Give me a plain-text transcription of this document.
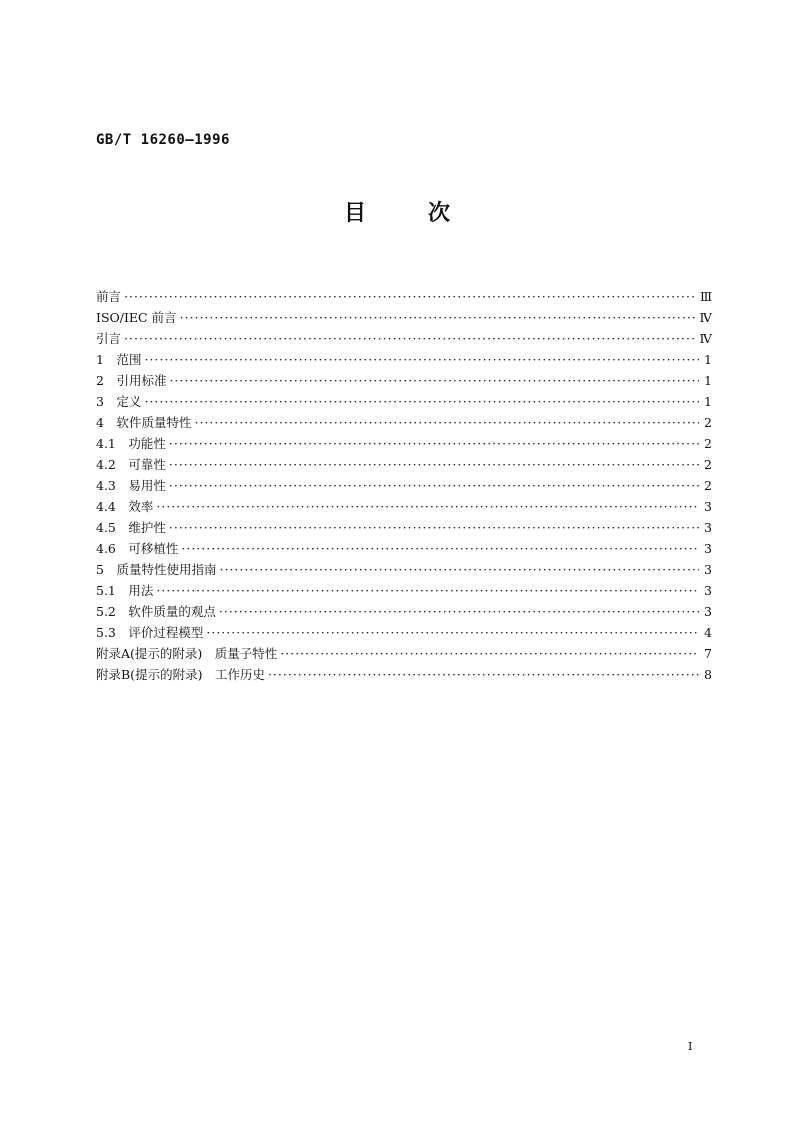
GB/T 16260—1996
目次
前言 ·····	Ⅲ
ISO/IEC 前言 ·····	Ⅳ
引言 ·····	Ⅳ
1　范围 ·····	1
2　引用标准 ·····	1
3　定义 ·····	1
4　软件质量特性 ·····	2
4.1　功能性 ·····	2
4.2　可靠性 ·····	2
4.3　易用性 ·····	2
4.4　效率 ·····	3
4.5　维护性 ·····	3
4.6　可移植性 ·····	3
5　质量特性使用指南 ·····	3
5.1　用法 ·····	3
5.2　软件质量的观点 ·····	3
5.3　评价过程模型 ·····	4
附录A(提示的附录)　质量子特性 ·····	7
附录B(提示的附录)　工作历史 ·····	8
Ⅰ
